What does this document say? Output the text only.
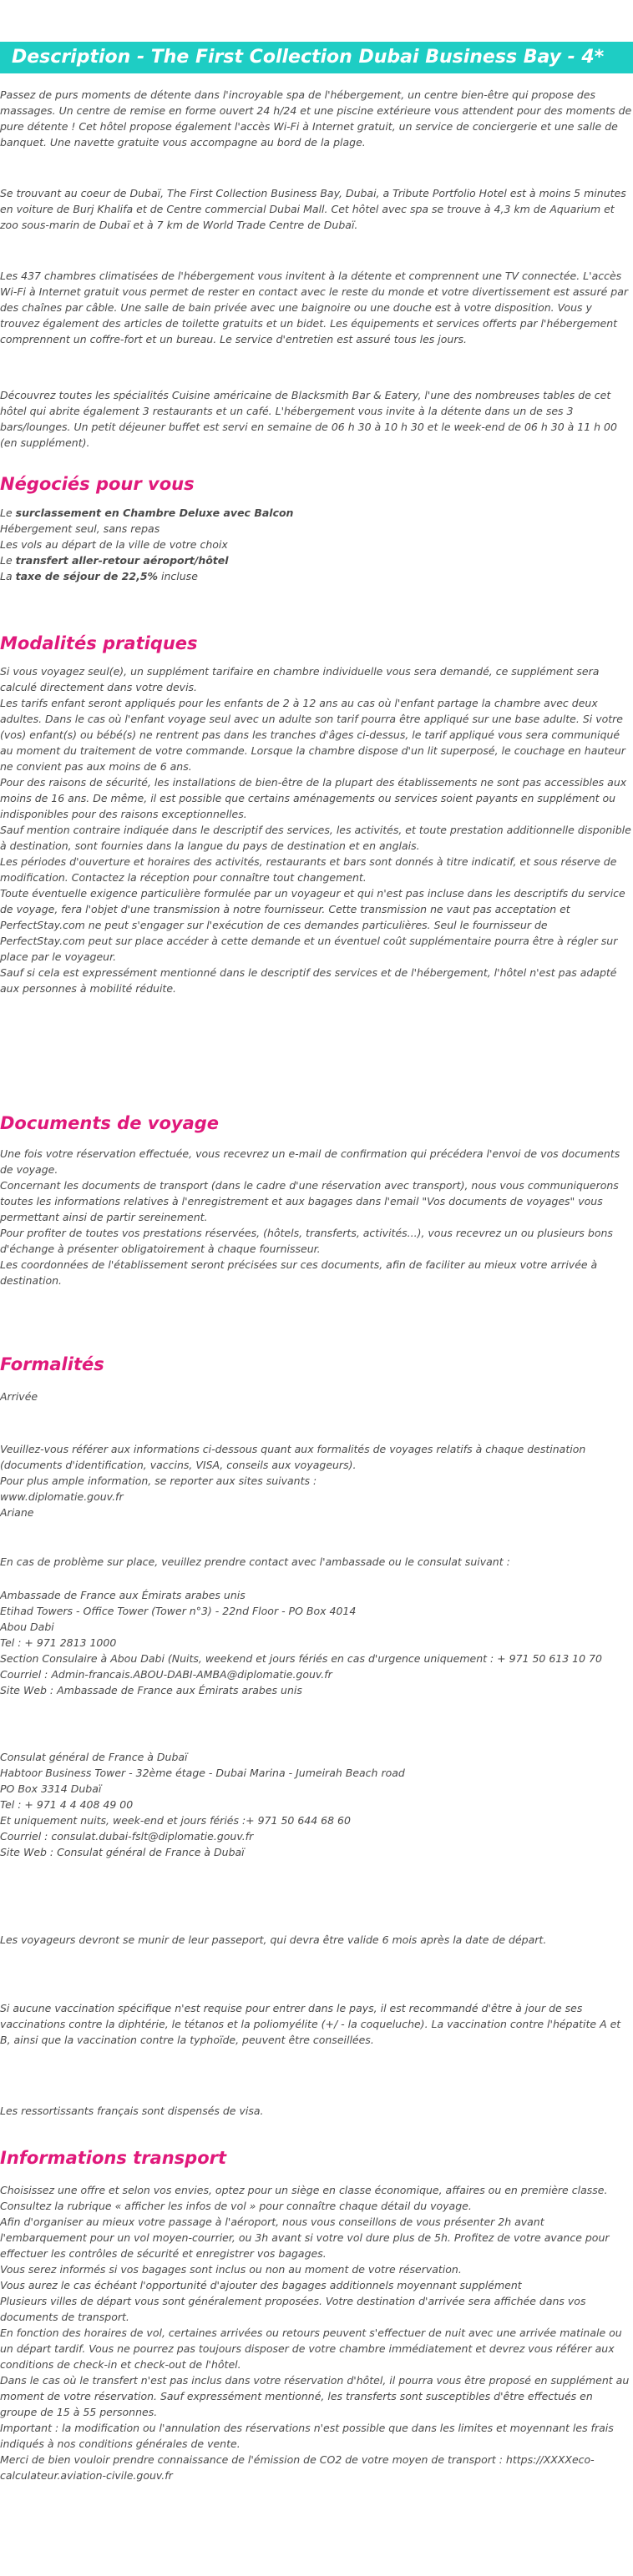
Description - The First Collection Dubai Business Bay - 4*

Passez de purs moments de détente dans l'incroyable spa de l'hébergement, un centre bien-être qui propose des massages. Un centre de remise en forme ouvert 24 h/24 et une piscine extérieure vous attendent pour des moments de pure détente ! Cet hôtel propose également l'accès Wi-Fi à Internet gratuit, un service de conciergerie et une salle de banquet. Une navette gratuite vous accompagne au bord de la plage.

Se trouvant au coeur de Dubaï, The First Collection Business Bay, Dubai, a Tribute Portfolio Hotel est à moins 5 minutes en voiture de Burj Khalifa et de Centre commercial Dubai Mall. Cet hôtel avec spa se trouve à 4,3 km de Aquarium et zoo sous-marin de Dubaï et à 7 km de World Trade Centre de Dubaï.

Les 437 chambres climatisées de l'hébergement vous invitent à la détente et comprennent une TV connectée. L'accès Wi-Fi à Internet gratuit vous permet de rester en contact avec le reste du monde et votre divertissement est assuré par des chaînes par câble. Une salle de bain privée avec une baignoire ou une douche est à votre disposition. Vous y trouvez également des articles de toilette gratuits et un bidet. Les équipements et services offerts par l'hébergement comprennent un coffre-fort et un bureau. Le service d'entretien est assuré tous les jours.

Découvrez toutes les spécialités Cuisine américaine de Blacksmith Bar & Eatery, l'une des nombreuses tables de cet hôtel qui abrite également 3 restaurants et un café. L'hébergement vous invite à la détente dans un de ses 3 bars/lounges. Un petit déjeuner buffet est servi en semaine de 06 h 30 à 10 h 30 et le week-end de 06 h 30 à 11 h 00 (en supplément).

Négociés pour vous
Le surclassement en Chambre Deluxe avec Balcon
Hébergement seul, sans repas
Les vols au départ de la ville de votre choix
Le transfert aller-retour aéroport/hôtel
La taxe de séjour de 22,5% incluse
Modalités pratiques

Si vous voyagez seul(e), un supplément tarifaire en chambre individuelle vous sera demandé, ce supplément sera calculé directement dans votre devis.

Les tarifs enfant seront appliqués pour les enfants de 2 à 12 ans au cas où l'enfant partage la chambre avec deux adultes. Dans le cas où l'enfant voyage seul avec un adulte son tarif pourra être appliqué sur une base adulte. Si votre (vos) enfant(s) ou bébé(s) ne rentrent pas dans les tranches d'âges ci-dessus, le tarif appliqué vous sera communiqué au moment du traitement de votre commande. Lorsque la chambre dispose d'un lit superposé, le couchage en hauteur ne convient pas aux moins de 6 ans.

Pour des raisons de sécurité, les installations de bien-être de la plupart des établissements ne sont pas accessibles aux moins de 16 ans. De même, il est possible que certains aménagements ou services soient payants en supplément ou indisponibles pour des raisons exceptionnelles.

Sauf mention contraire indiquée dans le descriptif des services, les activités, et toute prestation additionnelle disponible à destination, sont fournies dans la langue du pays de destination et en anglais.

Les périodes d'ouverture et horaires des activités, restaurants et bars sont donnés à titre indicatif, et sous réserve de modification. Contactez la réception pour connaître tout changement.

Toute éventuelle exigence particulière formulée par un voyageur et qui n'est pas incluse dans les descriptifs du service de voyage, fera l'objet d'une transmission à notre fournisseur. Cette transmission ne vaut pas acceptation et PerfectStay.com ne peut s'engager sur l'exécution de ces demandes particulières. Seul le fournisseur de PerfectStay.com peut sur place accéder à cette demande et un éventuel coût supplémentaire pourra être à régler sur place par le voyageur.

Sauf si cela est expressément mentionné dans le descriptif des services et de l'hébergement, l'hôtel n'est pas adapté aux personnes à mobilité réduite.

Documents de voyage

Une fois votre réservation effectuée, vous recevrez un e-mail de confirmation qui précédera l'envoi de vos documents de voyage.

Concernant les documents de transport (dans le cadre d'une réservation avec transport), nous vous communiquerons toutes les informations relatives à l'enregistrement et aux bagages dans l'email "Vos documents de voyages" vous permettant ainsi de partir sereinement.

Pour profiter de toutes vos prestations réservées, (hôtels, transferts, activités...), vous recevrez un ou plusieurs bons d'échange à présenter obligatoirement à chaque fournisseur.

Les coordonnées de l'établissement seront précisées sur ces documents, afin de faciliter au mieux votre arrivée à destination.

Formalités
Arrivée

Veuillez-vous référer aux informations ci-dessous quant aux formalités de voyages relatifs à chaque destination (documents d'identification, vaccins, VISA, conseils aux voyageurs).

Pour plus ample information, se reporter aux sites suivants :

www.diplomatie.gouv.fr
Ariane

En cas de problème sur place, veuillez prendre contact avec l'ambassade ou le consulat suivant :

Ambassade de France aux Émirats arabes unis
Etihad Towers - Office Tower (Tower n°3) - 22nd Floor - PO Box 4014
Abou Dabi
Tel : + 971 2813 1000
Section Consulaire à Abou Dabi (Nuits, weekend et jours fériés en cas d'urgence uniquement : + 971 50 613 10 70
Courriel : Admin-francais.ABOU-DABI-AMBA@diplomatie.gouv.fr
Site Web : Ambassade de France aux Émirats arabes unis
Consulat général de France à Dubaï
Habtoor Business Tower - 32ème étage - Dubai Marina - Jumeirah Beach road
PO Box 3314 Dubaï
Tel : + 971 4 4 408 49 00
Et uniquement nuits, week-end et jours fériés :+ 971 50 644 68 60
Courriel : consulat.dubai-fslt@diplomatie.gouv.fr
Site Web : Consulat général de France à Dubaï

Les voyageurs devront se munir de leur passeport, qui devra être valide 6 mois après la date de départ.

Si aucune vaccination spécifique n'est requise pour entrer dans le pays, il est recommandé d'être à jour de ses vaccinations contre la diphtérie, le tétanos et la poliomyélite (+/ - la coqueluche). La vaccination contre l'hépatite A et B, ainsi que la vaccination contre la typhoïde, peuvent être conseillées.

Les ressortissants français sont dispensés de visa.

Informations transport

Choisissez une offre et selon vos envies, optez pour un siège en classe économique, affaires ou en première classe.

Consultez la rubrique « afficher les infos de vol » pour connaître chaque détail du voyage.

Afin d'organiser au mieux votre passage à l'aéroport, nous vous conseillons de vous présenter 2h avant l'embarquement pour un vol moyen-courrier, ou 3h avant si votre vol dure plus de 5h. Profitez de votre avance pour effectuer les contrôles de sécurité et enregistrer vos bagages.

Vous serez informés si vos bagages sont inclus ou non au moment de votre réservation.

Vous aurez le cas échéant l'opportunité d'ajouter des bagages additionnels moyennant supplément

Plusieurs villes de départ vous sont généralement proposées. Votre destination d'arrivée sera affichée dans vos documents de transport.

En fonction des horaires de vol, certaines arrivées ou retours peuvent s'effectuer de nuit avec une arrivée matinale ou un départ tardif. Vous ne pourrez pas toujours disposer de votre chambre immédiatement et devrez vous référer aux conditions de check-in et check-out de l'hôtel.

Dans le cas où le transfert n'est pas inclus dans votre réservation d'hôtel, il pourra vous être proposé en supplément au moment de votre réservation. Sauf expressément mentionné, les transferts sont susceptibles d'être effectués en groupe de 15 à 55 personnes.

Important : la modification ou l'annulation des réservations n'est possible que dans les limites et moyennant les frais indiqués à nos conditions générales de vente.

Merci de bien vouloir prendre connaissance de l'émission de CO2 de votre moyen de transport : https://XXXXeco-calculateur.aviation-civile.gouv.fr
